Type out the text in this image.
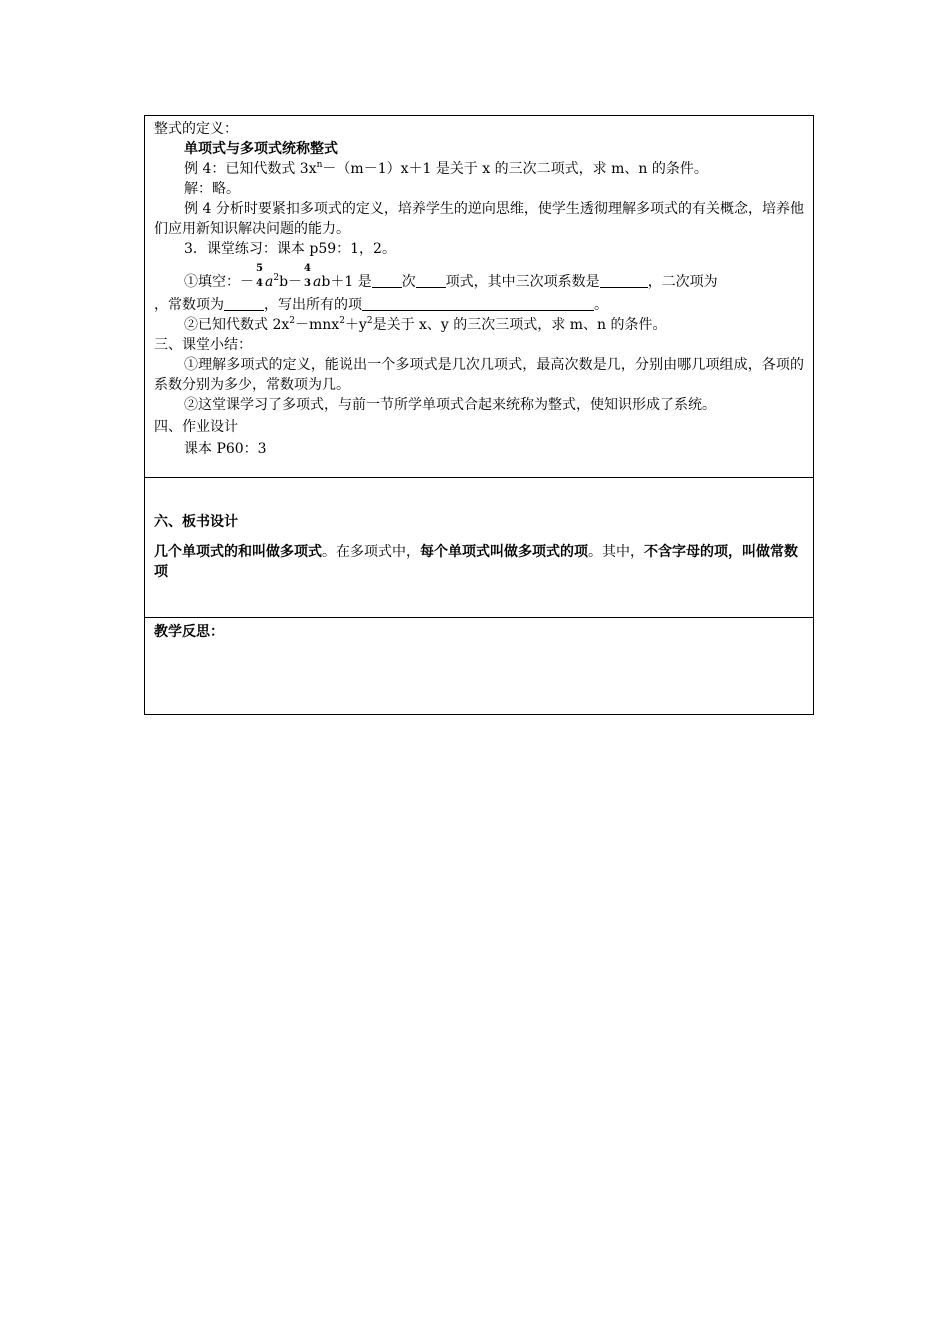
整式的定义：
单项式与多项式统称整式
例 4：已知代数式 $3x^n-(m-1)x+1$ 是关于 x 的三次二项式，求 m、n 的条件。
解：略。
例 4 分析时要紧扣多项式的定义，培养学生的逆向思维，使学生透彻理解多项式的有关概念，培养他们应用新知识解决问题的能力。
3．课堂练习：课本 p59：1，2。
①填空：－
5
4 $a^2b-$
4
3 ab＋1 是 次 项式，其中三次项系数是	，二次项为
，常数项为	，写出所有的项	。
②已知代数式 $2x^2-mnx^2+y^2$是关于 x、y 的三次三项式，求 m、n 的条件。
三、课堂小结：
①理解多项式的定义，能说出一个多项式是几次几项式，最高次数是几，分别由哪几项组成，各项的系数分别为多少，常数项为几。
②这堂课学习了多项式，与前一节所学单项式合起来统称为整式，使知识形成了系统。
四、作业设计
课本 P60：3
六、板书设计
几个单项式的和叫做多项式。在多项式中，每个单项式叫做多项式的项。其中，不含字母的项，叫做常数项
教学反思：
